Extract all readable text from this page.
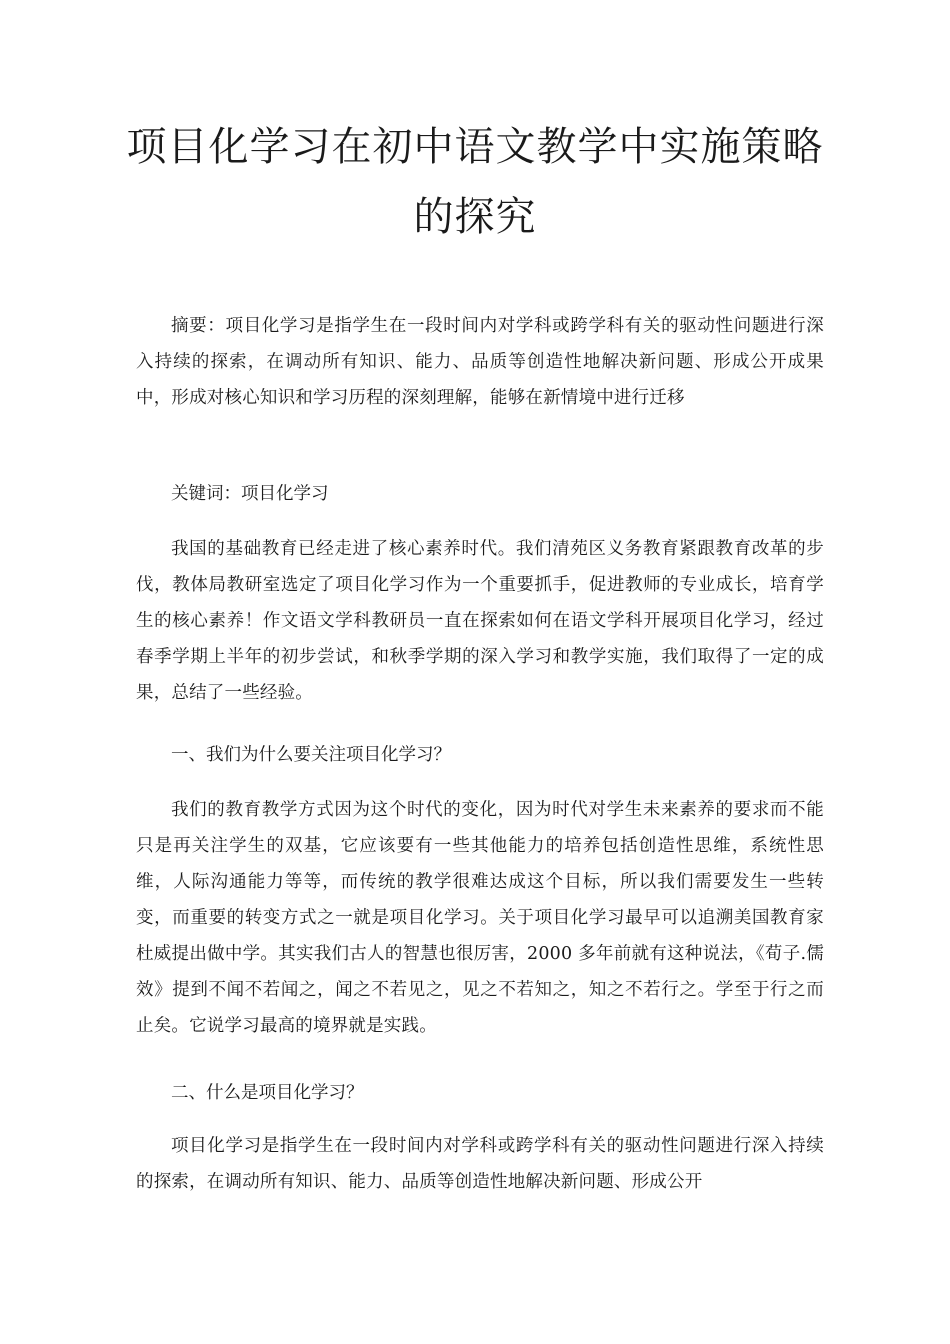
项目化学习在初中语文教学中实施策略
的探究

摘要：项目化学习是指学生在一段时间内对学科或跨学科有关的驱动性问题进行深入持续的探索，在调动所有知识、能力、品质等创造性地解决新问题、形成公开成果中，形成对核心知识和学习历程的深刻理解，能够在新情境中进行迁移

关键词：项目化学习

我国的基础教育已经走进了核心素养时代。我们清苑区义务教育紧跟教育改革的步伐，教体局教研室选定了项目化学习作为一个重要抓手，促进教师的专业成长，培育学生的核心素养！作文语文学科教研员一直在探索如何在语文学科开展项目化学习，经过春季学期上半年的初步尝试，和秋季学期的深入学习和教学实施，我们取得了一定的成果，总结了一些经验。

一、我们为什么要关注项目化学习？

我们的教育教学方式因为这个时代的变化，因为时代对学生未来素养的要求而不能只是再关注学生的双基，它应该要有一些其他能力的培养包括创造性思维，系统性思维，人际沟通能力等等，而传统的教学很难达成这个目标，所以我们需要发生一些转变，而重要的转变方式之一就是项目化学习。关于项目化学习最早可以追溯美国教育家杜威提出做中学。其实我们古人的智慧也很厉害，2000 多年前就有这种说法，《荀子.儒效》提到不闻不若闻之，闻之不若见之，见之不若知之，知之不若行之。学至于行之而止矣。它说学习最高的境界就是实践。

二、什么是项目化学习？

项目化学习是指学生在一段时间内对学科或跨学科有关的驱动性问题进行深入持续的探索，在调动所有知识、能力、品质等创造性地解决新问题、形成公开
